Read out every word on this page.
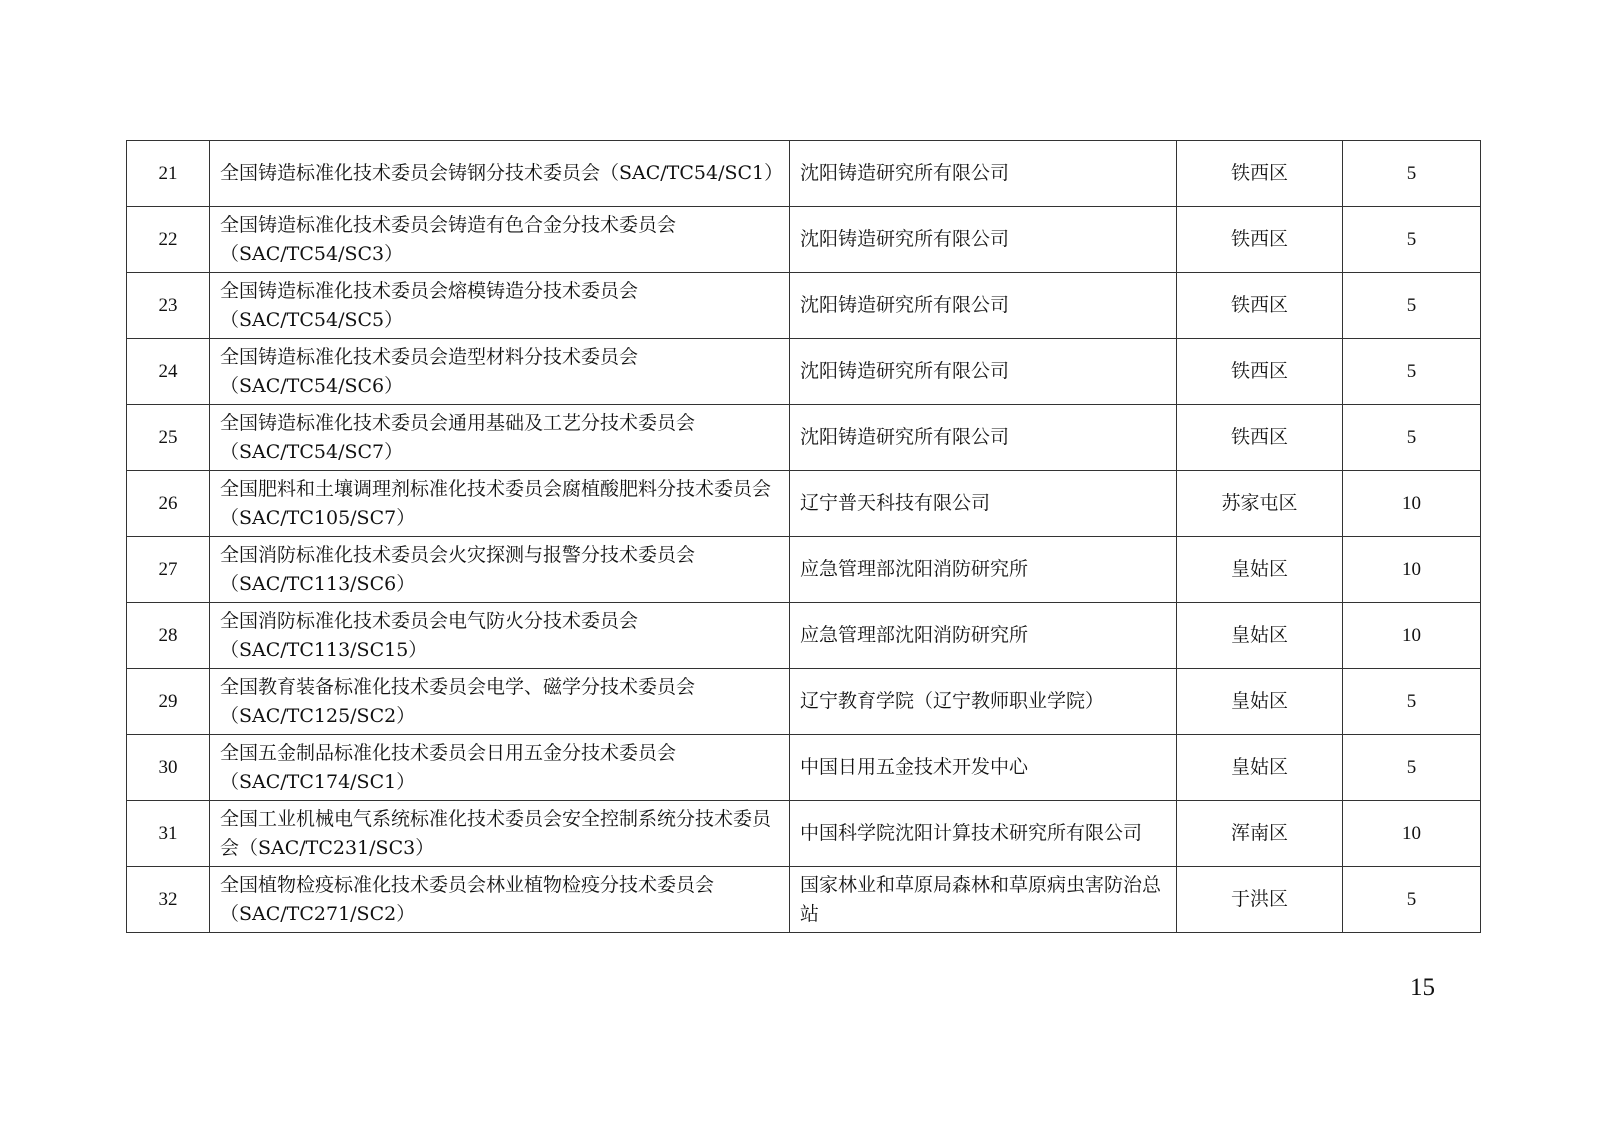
21	全国铸造标准化技术委员会铸钢分技术委员会（SAC/TC54/SC1）	沈阳铸造研究所有限公司	铁西区	5
22	全国铸造标准化技术委员会铸造有色合金分技术委员会（SAC/TC54/SC3）	沈阳铸造研究所有限公司	铁西区	5
23	全国铸造标准化技术委员会熔模铸造分技术委员会（SAC/TC54/SC5）	沈阳铸造研究所有限公司	铁西区	5
24	全国铸造标准化技术委员会造型材料分技术委员会（SAC/TC54/SC6）	沈阳铸造研究所有限公司	铁西区	5
25	全国铸造标准化技术委员会通用基础及工艺分技术委员会（SAC/TC54/SC7）	沈阳铸造研究所有限公司	铁西区	5
26	全国肥料和土壤调理剂标准化技术委员会腐植酸肥料分技术委员会（SAC/TC105/SC7）	辽宁普天科技有限公司	苏家屯区	10
27	全国消防标准化技术委员会火灾探测与报警分技术委员会（SAC/TC113/SC6）	应急管理部沈阳消防研究所	皇姑区	10
28	全国消防标准化技术委员会电气防火分技术委员会（SAC/TC113/SC15）	应急管理部沈阳消防研究所	皇姑区	10
29	全国教育装备标准化技术委员会电学、磁学分技术委员会（SAC/TC125/SC2）	辽宁教育学院（辽宁教师职业学院）	皇姑区	5
30	全国五金制品标准化技术委员会日用五金分技术委员会（SAC/TC174/SC1）	中国日用五金技术开发中心	皇姑区	5
31	全国工业机械电气系统标准化技术委员会安全控制系统分技术委员会（SAC/TC231/SC3）	中国科学院沈阳计算技术研究所有限公司	浑南区	10
32	全国植物检疫标准化技术委员会林业植物检疫分技术委员会（SAC/TC271/SC2）	国家林业和草原局森林和草原病虫害防治总站	于洪区	5
15
